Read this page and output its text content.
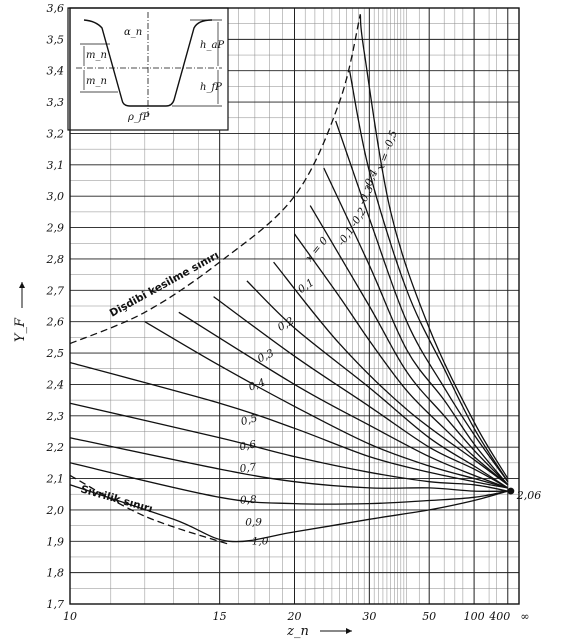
α_n
m_n
m_n
h_aP
h_fP
ρ_fP
x = -0,5
-0,4
-0,3
-0,2
-0,1
x = 0
0,1
0,2
0,3
0,4
0,5
0,6
0,7
0,8
0,9
1,0
Dişdibi kesilme sınırı
Sivrilik sınırı	2,06
1,7
1,8
1,9
2,0
2,1
2,2
2,3
2,4
2,5
2,6
2,7
2,8
2,9
3,0
3,1
3,2
3,3
3,4
3,5
3,6
10	15	20	30	50 100 400 ∞
z_n
Y_F
